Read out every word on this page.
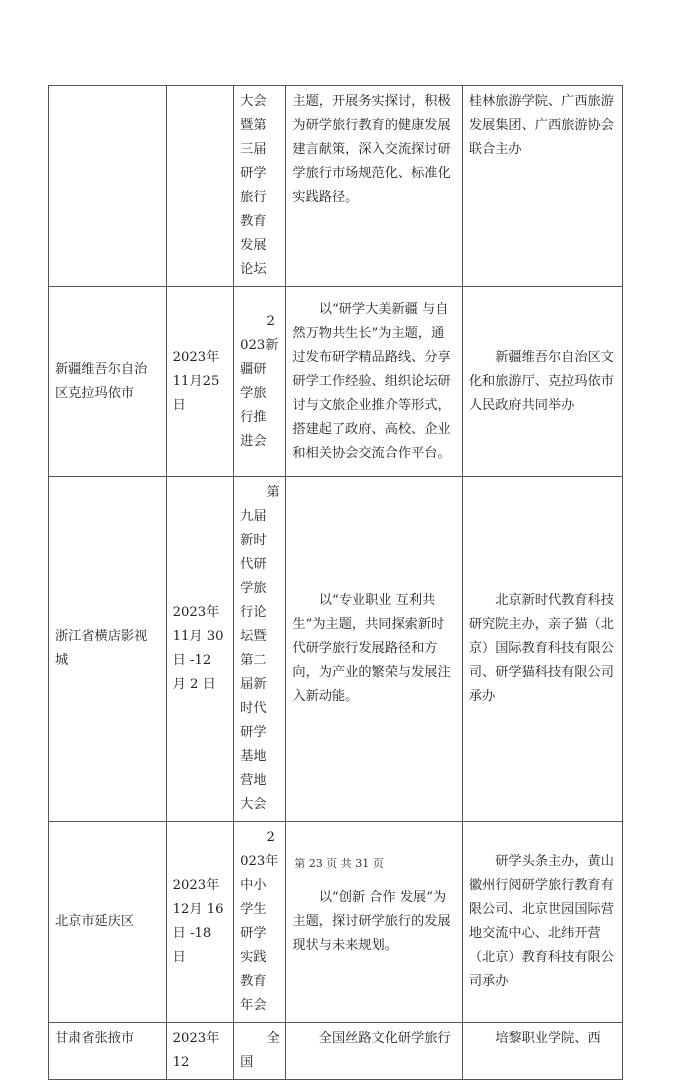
		大会暨第三届研学旅行教育发展论坛	主题，开展务实探讨，积极为研学旅行教育的健康发展建言献策，深入交流探讨研学旅行市场规范化、标准化实践路径。	桂林旅游学院、广西旅游发展集团、广西旅游协会联合主办
新疆维吾尔自治区克拉玛依市	2023年11月25日	2023新疆研学旅行推进会	以“研学大美新疆 与自然万物共生长”为主题，通过发布研学精品路线、分享研学工作经验、组织论坛研讨与文旅企业推介等形式，搭建起了政府、高校、企业和相关协会交流合作平台。	新疆维吾尔自治区文化和旅游厅、克拉玛依市人民政府共同举办
浙江省横店影视城	2023年11月 30 日 -12 月 2 日	第九届新时代研学旅行论坛暨第二届新时代研学基地营地大会	以“专业职业 互利共生”为主题，共同探索新时代研学旅行发展路径和方向，为产业的繁荣与发展注入新动能。	北京新时代教育科技研究院主办，亲子猫（北京）国际教育科技有限公司、研学猫科技有限公司承办
北京市延庆区	2023年12月 16 日 -18 日	2023年中小学生研学实践教育年会	以“创新 合作 发展”为主题，探讨研学旅行的发展现状与未来规划。	研学头条主办，黄山徽州行阅研学旅行教育有限公司、北京世园国际营地交流中心、北纬开营（北京）教育科技有限公司承办
甘肃省张掖市	2023年12	全国	全国丝路文化研学旅行	培黎职业学院、西
第 23 页 共 31 页
